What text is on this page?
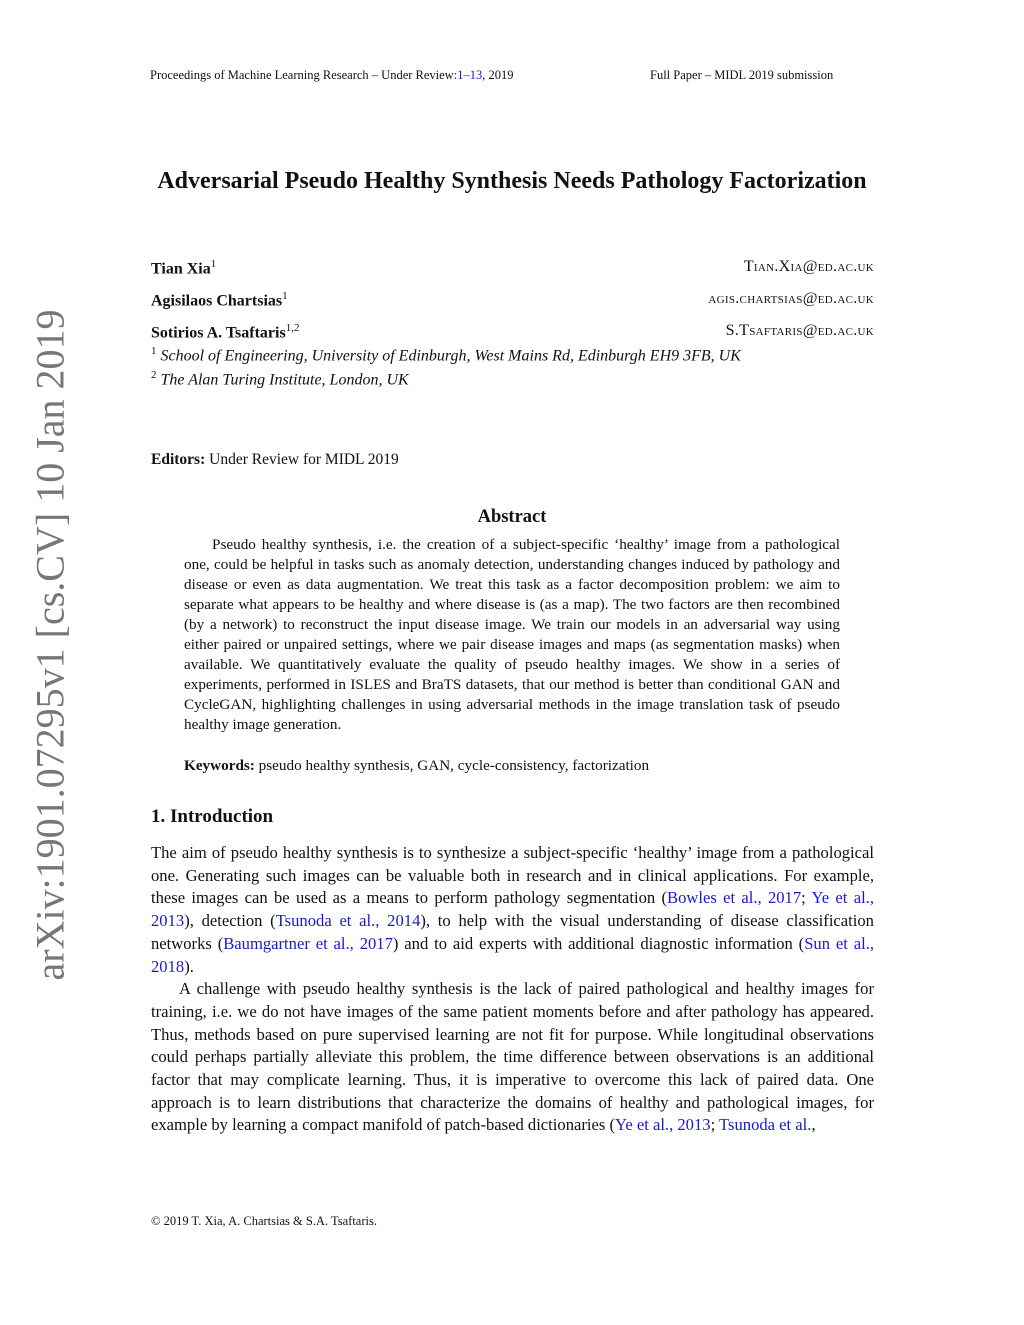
Proceedings of Machine Learning Research – Under Review:1–13, 2019	Full Paper – MIDL 2019 submission
arXiv:1901.07295v1 [cs.CV] 10 Jan 2019
Adversarial Pseudo Healthy Synthesis Needs Pathology Factorization
Tian Xia$^1$	Tian.Xia@ed.ac.uk
Agisilaos Chartsias$^1$	agis.chartsias@ed.ac.uk
Sotirios A. Tsaftaris$^{1,2}$	S.Tsaftaris@ed.ac.uk
$^1$ School of Engineering, University of Edinburgh, West Mains Rd, Edinburgh EH9 3FB, UK
$^2$ The Alan Turing Institute, London, UK
Editors: Under Review for MIDL 2019
Abstract

Pseudo healthy synthesis, i.e. the creation of a subject-specific ‘healthy’ image from a pathological one, could be helpful in tasks such as anomaly detection, understanding changes induced by pathology and disease or even as data augmentation. We treat this task as a factor decomposition problem: we aim to separate what appears to be healthy and where disease is (as a map). The two factors are then recombined (by a network) to reconstruct the input disease image. We train our models in an adversarial way using either paired or unpaired settings, where we pair disease images and maps (as segmentation masks) when available. We quantitatively evaluate the quality of pseudo healthy images. We show in a series of experiments, performed in ISLES and BraTS datasets, that our method is better than conditional GAN and CycleGAN, highlighting challenges in using adversarial methods in the image translation task of pseudo healthy image generation.

Keywords: pseudo healthy synthesis, GAN, cycle-consistency, factorization
1. Introduction

The aim of pseudo healthy synthesis is to synthesize a subject-specific ‘healthy’ image from a pathological one. Generating such images can be valuable both in research and in clinical applications. For example, these images can be used as a means to perform pathology segmentation (Bowles et al., 2017; Ye et al., 2013), detection (Tsunoda et al., 2014), to help with the visual understanding of disease classification networks (Baumgartner et al., 2017) and to aid experts with additional diagnostic information (Sun et al., 2018).

A challenge with pseudo healthy synthesis is the lack of paired pathological and healthy images for training, i.e. we do not have images of the same patient moments before and after pathology has appeared. Thus, methods based on pure supervised learning are not fit for purpose. While longitudinal observations could perhaps partially alleviate this problem, the time difference between observations is an additional factor that may complicate learning. Thus, it is imperative to overcome this lack of paired data. One approach is to learn distributions that characterize the domains of healthy and pathological images, for example by learning a compact manifold of patch-based dictionaries (Ye et al., 2013; Tsunoda et al.,

© 2019 T. Xia, A. Chartsias & S.A. Tsaftaris.
